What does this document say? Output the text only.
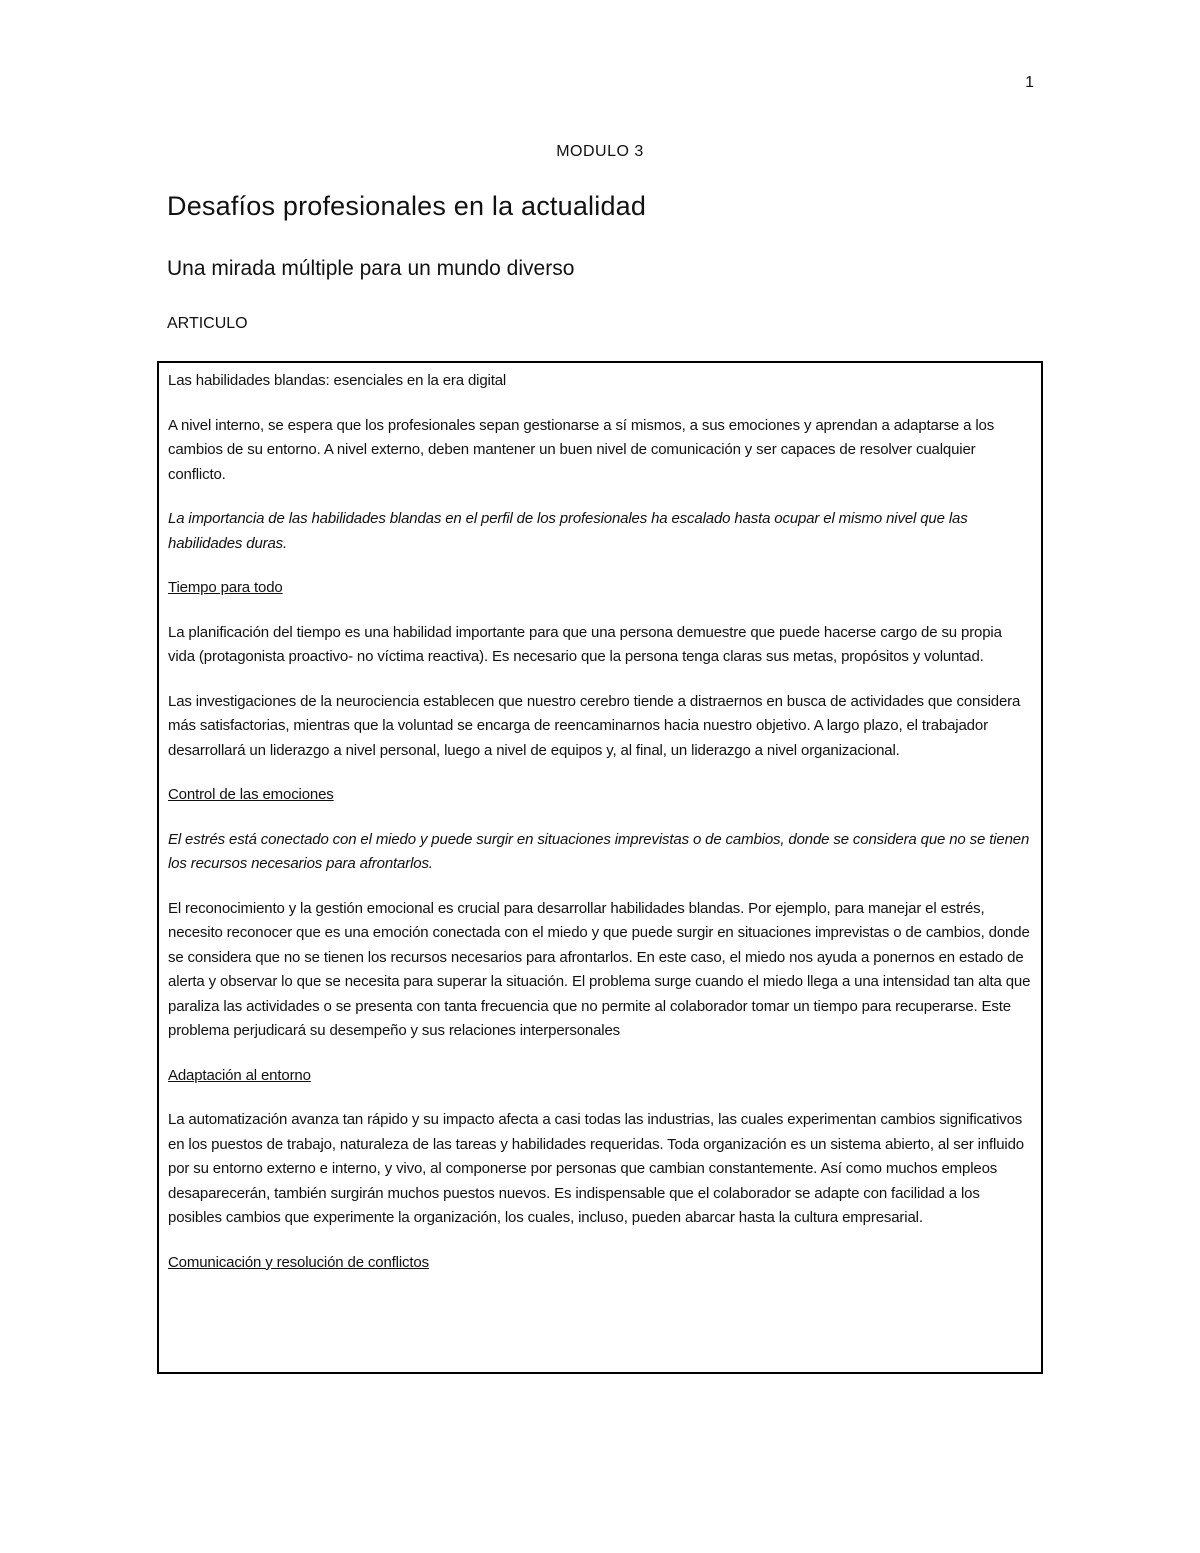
1
MODULO 3
Desafíos profesionales en la actualidad
Una mirada múltiple para un mundo diverso
ARTICULO

Las habilidades blandas: esenciales en la era digital

A nivel interno, se espera que los profesionales sepan gestionarse a sí mismos, a sus emociones y aprendan a adaptarse a los cambios de su entorno. A nivel externo, deben mantener un buen nivel de comunicación y ser capaces de resolver cualquier conflicto.

La importancia de las habilidades blandas en el perfil de los profesionales ha escalado hasta ocupar el mismo nivel que las habilidades duras.

Tiempo para todo

La planificación del tiempo es una habilidad importante para que una persona demuestre que puede hacerse cargo de su propia vida (protagonista proactivo- no víctima reactiva). Es necesario que la persona tenga claras sus metas, propósitos y voluntad.

Las investigaciones de la neurociencia establecen que nuestro cerebro tiende a distraernos en busca de actividades que considera más satisfactorias, mientras que la voluntad se encarga de reencaminarnos hacia nuestro objetivo. A largo plazo, el trabajador desarrollará un liderazgo a nivel personal, luego a nivel de equipos y, al final, un liderazgo a nivel organizacional.

Control de las emociones

El estrés está conectado con el miedo y puede surgir en situaciones imprevistas o de cambios, donde se considera que no se tienen los recursos necesarios para afrontarlos.

El reconocimiento y la gestión emocional es crucial para desarrollar habilidades blandas. Por ejemplo, para manejar el estrés, necesito reconocer que es una emoción conectada con el miedo y que puede surgir en situaciones imprevistas o de cambios, donde se considera que no se tienen los recursos necesarios para afrontarlos. En este caso, el miedo nos ayuda a ponernos en estado de alerta y observar lo que se necesita para superar la situación. El problema surge cuando el miedo llega a una intensidad tan alta que paraliza las actividades o se presenta con tanta frecuencia que no permite al colaborador tomar un tiempo para recuperarse. Este problema perjudicará su desempeño y sus relaciones interpersonales

Adaptación al entorno

La automatización avanza tan rápido y su impacto afecta a casi todas las industrias, las cuales experimentan cambios significativos en los puestos de trabajo, naturaleza de las tareas y habilidades requeridas. Toda organización es un sistema abierto, al ser influido por su entorno externo e interno, y vivo, al componerse por personas que cambian constantemente. Así como muchos empleos desaparecerán, también surgirán muchos puestos nuevos. Es indispensable que el colaborador se adapte con facilidad a los posibles cambios que experimente la organización, los cuales, incluso, pueden abarcar hasta la cultura empresarial.

Comunicación y resolución de conflictos
